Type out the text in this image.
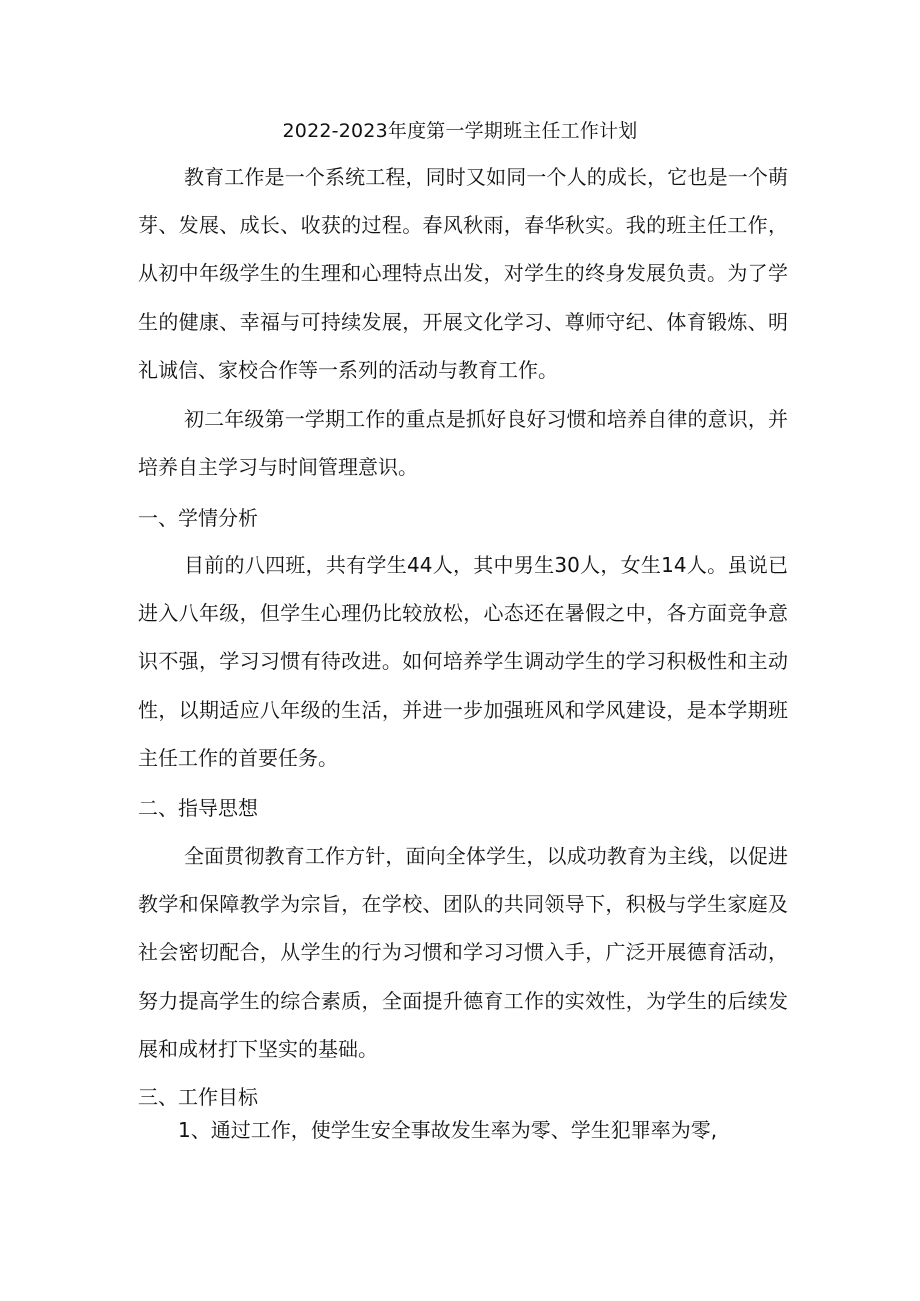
2022-2023年度第一学期班主任工作计划
教育工作是一个系统工程，同时又如同一个人的成长，它也是一个萌芽、发展、成长、收获的过程。春风秋雨，春华秋实。我的班主任工作，从初中年级学生的生理和心理特点出发，对学生的终身发展负责。为了学生的健康、幸福与可持续发展，开展文化学习、尊师守纪、体育锻炼、明礼诚信、家校合作等一系列的活动与教育工作。
初二年级第一学期工作的重点是抓好良好习惯和培养自律的意识，并培养自主学习与时间管理意识。
一、学情分析
目前的八四班，共有学生44人，其中男生30人，女生14人。虽说已进入八年级，但学生心理仍比较放松，心态还在暑假之中，各方面竞争意识不强，学习习惯有待改进。如何培养学生调动学生的学习积极性和主动性，以期适应八年级的生活，并进一步加强班风和学风建设，是本学期班主任工作的首要任务。
二、指导思想
全面贯彻教育工作方针，面向全体学生，以成功教育为主线，以促进教学和保障教学为宗旨，在学校、团队的共同领导下，积极与学生家庭及社会密切配合，从学生的行为习惯和学习习惯入手，广泛开展德育活动，努力提高学生的综合素质，全面提升德育工作的实效性，为学生的后续发展和成材打下坚实的基础。
三、工作目标
1、通过工作，使学生安全事故发生率为零、学生犯罪率为零,
